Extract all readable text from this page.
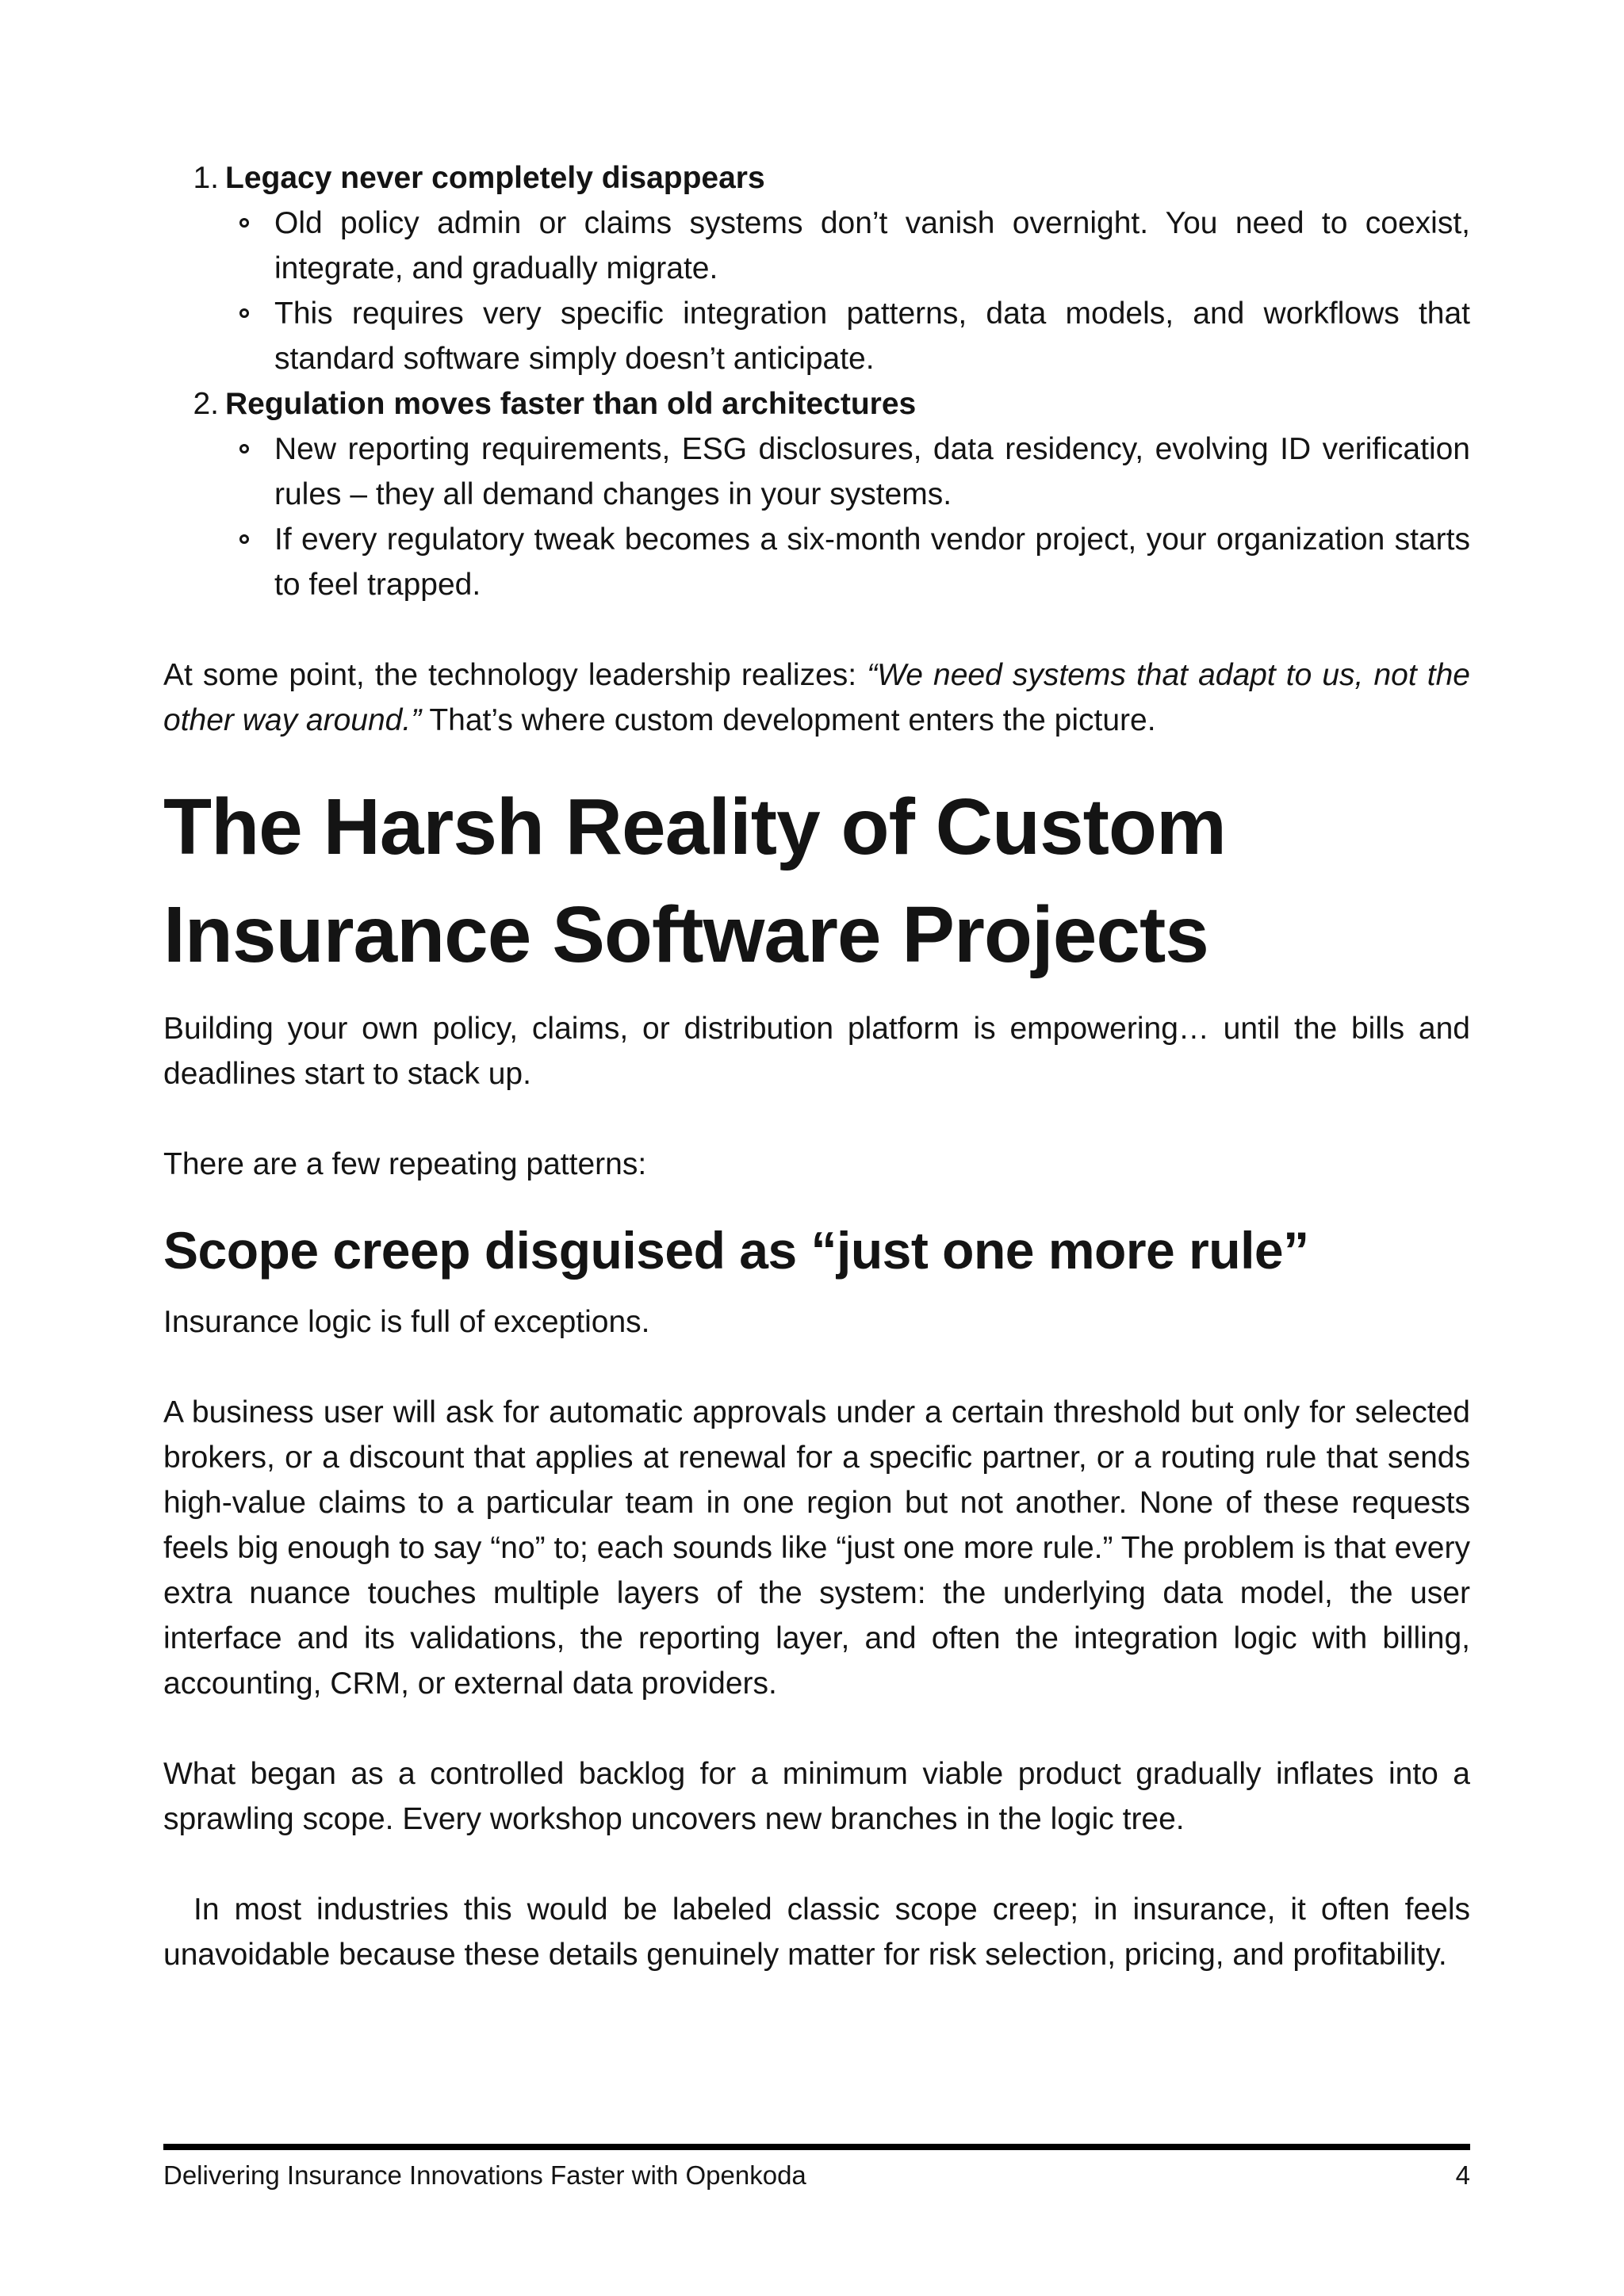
1. Legacy never completely disappears
Old policy admin or claims systems don’t vanish overnight. You need to coexist, integrate, and gradually migrate.
This requires very specific integration patterns, data models, and workflows that standard software simply doesn’t anticipate.
2. Regulation moves faster than old architectures
New reporting requirements, ESG disclosures, data residency, evolving ID verification rules – they all demand changes in your systems.
If every regulatory tweak becomes a six-month vendor project, your organization starts to feel trapped.

At some point, the technology leadership realizes: “We need systems that adapt to us, not the other way around.” That’s where custom development enters the picture.

The Harsh Reality of Custom
Insurance Software Projects

Building your own policy, claims, or distribution platform is empowering… until the bills and deadlines start to stack up.

There are a few repeating patterns:

Scope creep disguised as “just one more rule”

Insurance logic is full of exceptions.

A business user will ask for automatic approvals under a certain threshold but only for selected brokers, or a discount that applies at renewal for a specific partner, or a routing rule that sends high-value claims to a particular team in one region but not another. None of these requests feels big enough to say “no” to; each sounds like “just one more rule.” The problem is that every extra nuance touches multiple layers of the system: the underlying data model, the user interface and its validations, the reporting layer, and often the integration logic with billing, accounting, CRM, or external data providers.

What began as a controlled backlog for a minimum viable product gradually inflates into a sprawling scope. Every workshop uncovers new branches in the logic tree.

In most industries this would be labeled classic scope creep; in insurance, it often feels unavoidable because these details genuinely matter for risk selection, pricing, and profitability.

Delivering Insurance Innovations Faster with Openkoda	4
